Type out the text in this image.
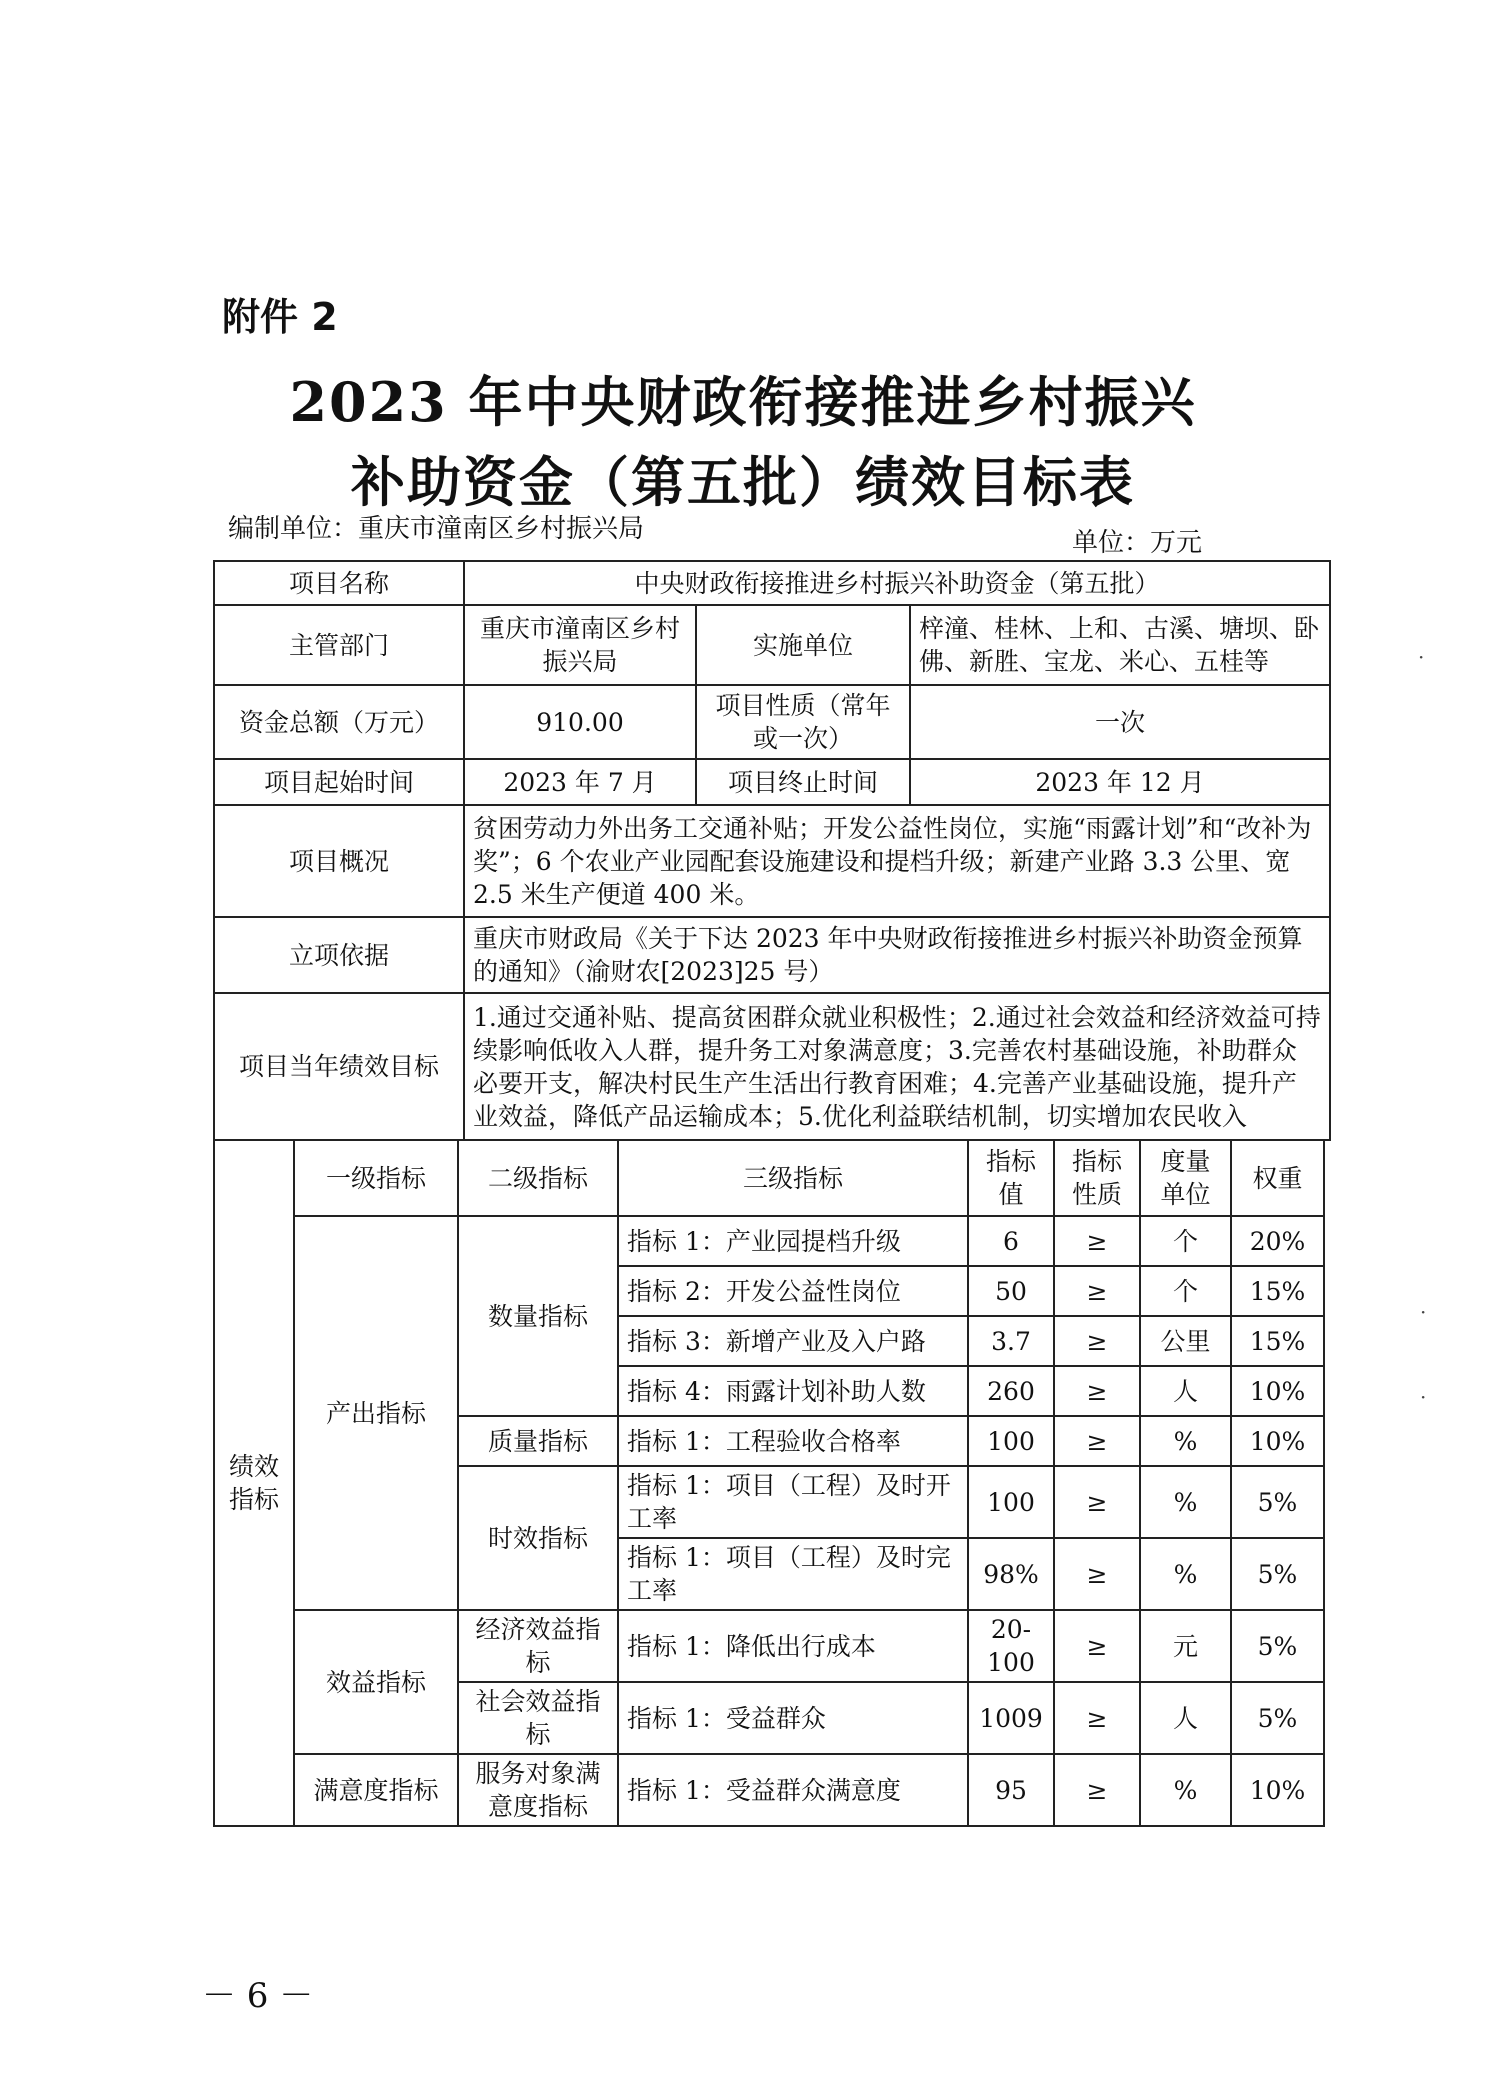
附件 2
2023 年中央财政衔接推进乡村振兴
补助资金（第五批）绩效目标表
编制单位：重庆市潼南区乡村振兴局	单位：万元
项目名称	中央财政衔接推进乡村振兴补助资金（第五批）		
主管部门	重庆市潼南区乡村振兴局	实施单位	梓潼、桂林、上和、古溪、塘坝、卧佛、新胜、宝龙、米心、五桂等
资金总额（万元）	910.00	项目性质（常年或一次）	一次
项目起始时间	2023 年 7 月	项目终止时间	2023 年 12 月
项目概况	贫困劳动力外出务工交通补贴；开发公益性岗位，实施“雨露计划”和“改补为奖”；6 个农业产业园配套设施建设和提档升级；新建产业路 3.3 公里、宽 2.5 米生产便道 400 米。		
立项依据	重庆市财政局《关于下达 2023 年中央财政衔接推进乡村振兴补助资金预算的通知》（渝财农[2023]25 号）		
项目当年绩效目标	1.通过交通补贴、提高贫困群众就业积极性；2.通过社会效益和经济效益可持续影响低收入人群，提升务工对象满意度；3.完善农村基础设施，补助群众必要开支，解决村民生产生活出行教育困难；4.完善产业基础设施，提升产业效益，降低产品运输成本；5.优化利益联结机制，切实增加农民收入		
绩效指标	一级指标	二级指标	三级指标	指标值	指标性质	度量单位	权重
	产出指标	数量指标	指标 1：产业园提档升级	6	≥	个	20%
			指标 2：开发公益性岗位	50	≥	个	15%
			指标 3：新增产业及入户路	3.7	≥	公里	15%
			指标 4：雨露计划补助人数	260	≥	人	10%
		质量指标	指标 1：工程验收合格率	100	≥	%	10%
		时效指标	指标 1：项目（工程）及时开工率	100	≥	%	5%
			指标 1：项目（工程）及时完工率	98%	≥	%	5%
	效益指标	经济效益指标	指标 1：降低出行成本	20-100	≥	元	5%
		社会效益指标	指标 1：受益群众	1009	≥	人	5%
	满意度指标	服务对象满意度指标	指标 1：受益群众满意度	95	≥	%	10%
－ 6 －
·
·
·
